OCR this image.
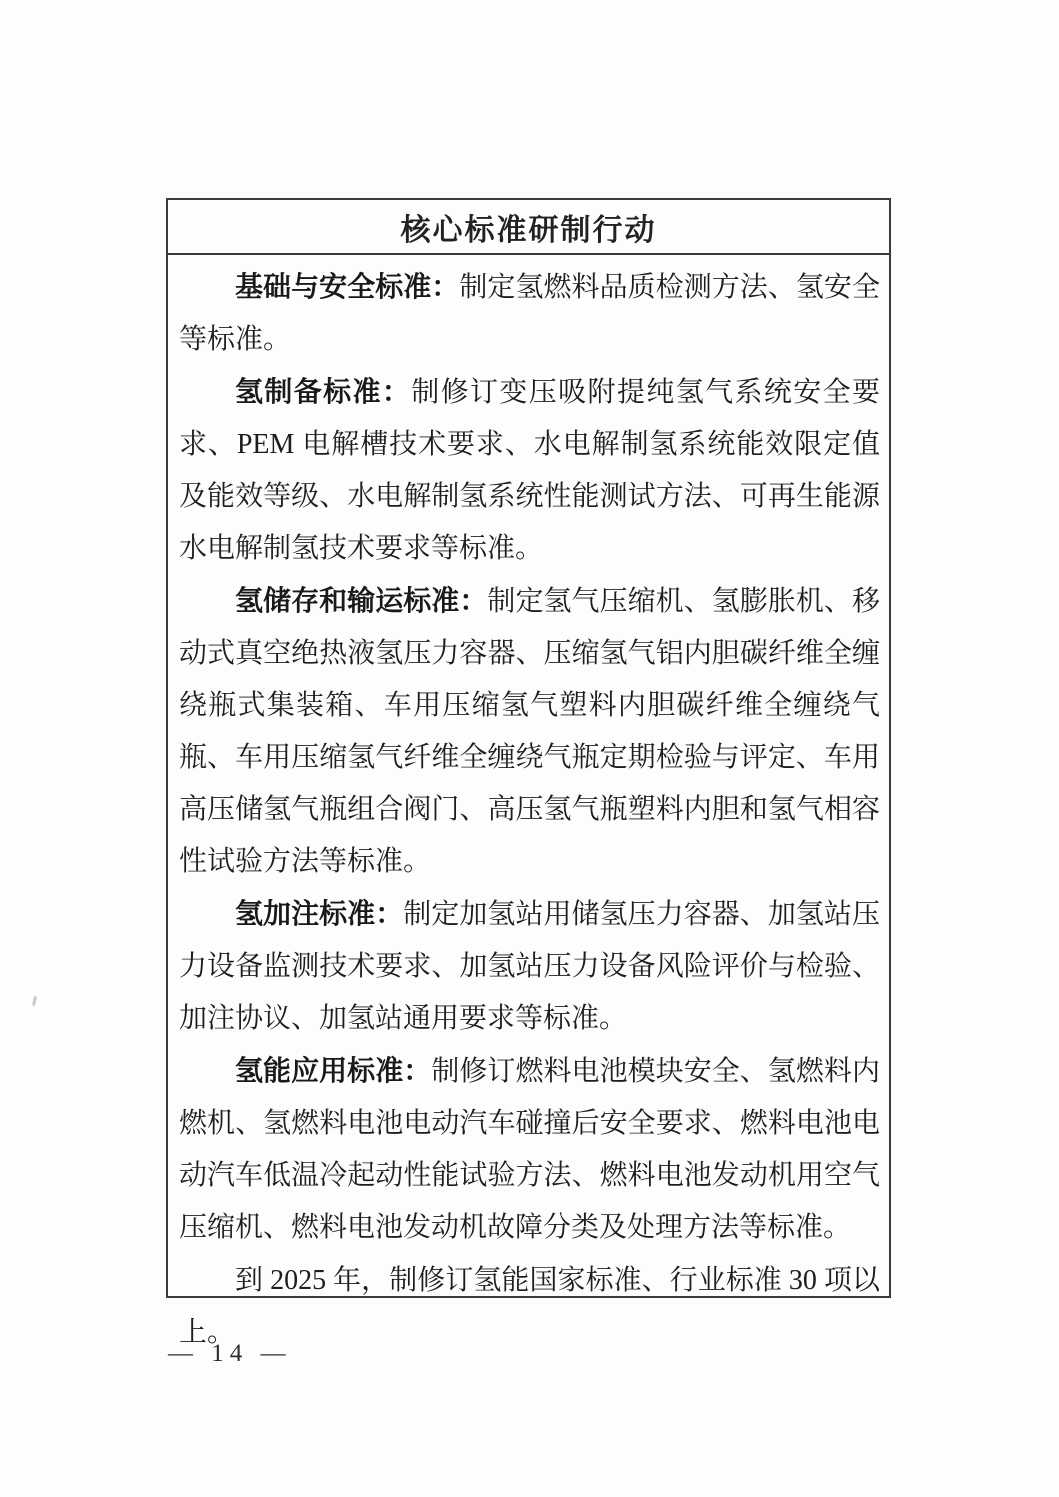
核心标准研制行动

基础与安全标准：制定氢燃料品质检测方法、氢安全等标准。

氢制备标准：制修订变压吸附提纯氢气系统安全要求、PEM 电解槽技术要求、水电解制氢系统能效限定值及能效等级、水电解制氢系统性能测试方法、可再生能源水电解制氢技术要求等标准。

氢储存和输运标准：制定氢气压缩机、氢膨胀机、移动式真空绝热液氢压力容器、压缩氢气铝内胆碳纤维全缠绕瓶式集装箱、车用压缩氢气塑料内胆碳纤维全缠绕气瓶、车用压缩氢气纤维全缠绕气瓶定期检验与评定、车用高压储氢气瓶组合阀门、高压氢气瓶塑料内胆和氢气相容性试验方法等标准。

氢加注标准：制定加氢站用储氢压力容器、加氢站压力设备监测技术要求、加氢站压力设备风险评价与检验、加注协议、加氢站通用要求等标准。

氢能应用标准：制修订燃料电池模块安全、氢燃料内燃机、氢燃料电池电动汽车碰撞后安全要求、燃料电池电动汽车低温冷起动性能试验方法、燃料电池发动机用空气压缩机、燃料电池发动机故障分类及处理方法等标准。

到 2025 年，制修订氢能国家标准、行业标准 30 项以上。

— 14 —
